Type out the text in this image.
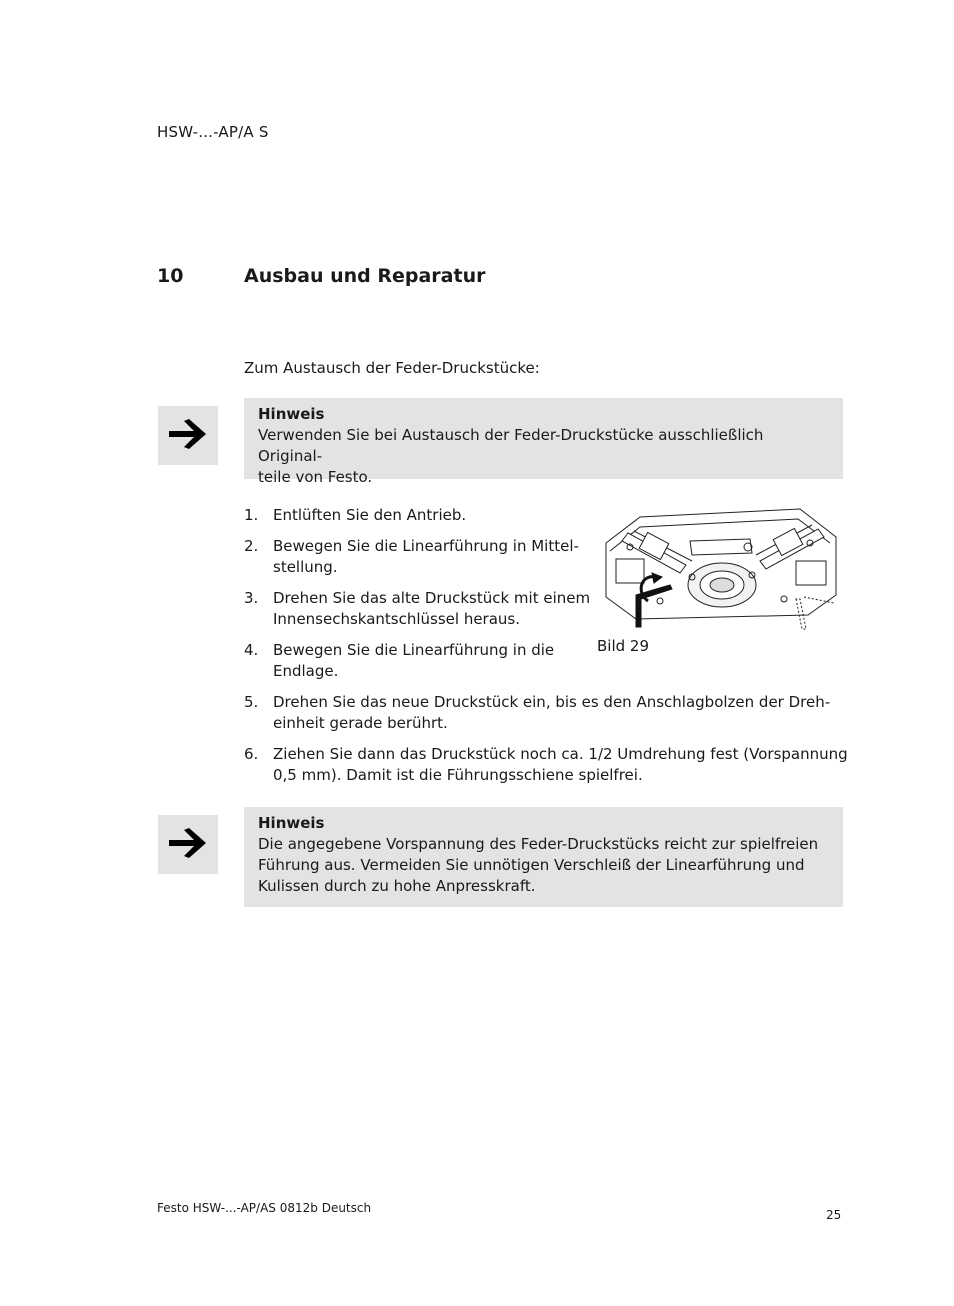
HSW-...-AP/A S
10	Ausbau und Reparatur
Zum Austausch der Feder-Druckstücke:
Hinweis
Verwenden Sie bei Austausch der Feder-Druckstücke ausschließlich Original-
teile von Festo.
1. Entlüften Sie den Antrieb.
2. Bewegen Sie die Linearführung in Mittel-
stellung.
3. Drehen Sie das alte Druckstück mit einem
Innensechskantschlüssel heraus.
4. Bewegen Sie die Linearführung in die
Endlage.
5. Drehen Sie das neue Druckstück ein, bis es den Anschlagbolzen der Dreh-
einheit gerade berührt.
6. Ziehen Sie dann das Druckstück noch ca. 1/2 Umdrehung fest (Vorspannung
0,5 mm). Damit ist die Führungsschiene spielfrei.
Bild 29
Hinweis
Die angegebene Vorspannung des Feder-Druckstücks reicht zur spielfreien
Führung aus. Vermeiden Sie unnötigen Verschleiß der Linearführung und
Kulissen durch zu hohe Anpresskraft.
Festo HSW-...-AP/AS 0812b Deutsch	25
